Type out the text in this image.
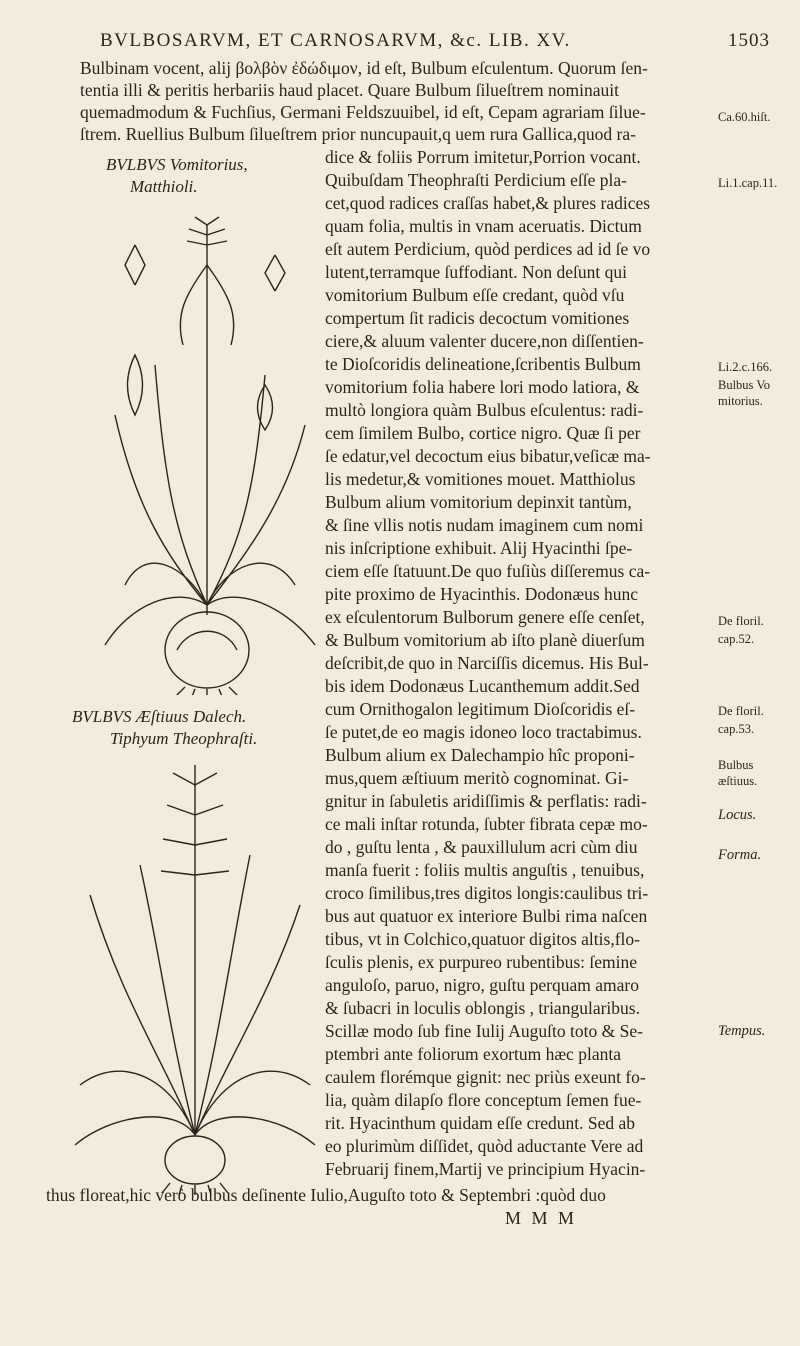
BVLBOSARVM, ET CARNOSARVM, &c. LIB. XV.	1503
Bulbinam vocent, alij βολβὸν ἐδώδιμον, id eſt, Bulbum eſculentum. Quorum ſen-
tentia illi & peritis herbariis haud placet. Quare Bulbum ſilueſtrem nominauit
quemadmodum & Fuchſius, Germani Feldszuuibel, id eſt, Cepam agrariam ſilue-
ſtrem. Ruellius Bulbum ſilueſtrem prior nuncupauit,q uem rura Gallica,quod ra-
BVLBVS Vomitorius,
Matthioli.
BVLBVS Æſtiuus Dalech.
Tiphyum Theophraſti.
dice & foliis Porrum imitetur,Porrion vocant.
Quibuſdam Theophraſti Perdicium eſſe pla-
cet,quod radices craſſas habet,& plures radices
quam folia, multis in vnam aceruatis. Dictum
eſt autem Perdicium, quòd perdices ad id ſe vo
lutent,terramque ſuffodiant. Non deſunt qui
vomitorium Bulbum eſſe credant, quòd vſu
compertum ſit radicis decoctum vomitiones
ciere,& aluum valenter ducere,non diſſentien-
te Dioſcoridis delineatione,ſcribentis Bulbum
vomitorium folia habere lori modo latiora, &
multò longiora quàm Bulbus eſculentus: radi-
cem ſimilem Bulbo, cortice nigro. Quæ ſi per
ſe edatur,vel decoctum eius bibatur,veſicæ ma-
lis medetur,& vomitiones mouet. Matthiolus
Bulbum alium vomitorium depinxit tantùm,
& ſine vllis notis nudam imaginem cum nomi
nis inſcriptione exhibuit. Alij Hyacinthi ſpe-
ciem eſſe ſtatuunt.De quo fuſiùs diſſeremus ca-
pite proximo de Hyacinthis. Dodonæus hunc
ex eſculentorum Bulborum genere eſſe cenſet,
& Bulbum vomitorium ab iſto planè diuerſum
deſcribit,de quo in Narciſſis dicemus. His Bul-
bis idem Dodonæus Lucanthemum addit.Sed
cum Ornithogalon legitimum Dioſcoridis eſ-
ſe putet,de eo magis idoneo loco tractabimus.
Bulbum alium ex Dalechampio hîc proponi-
mus,quem æſtiuum meritò cognominat. Gi-
gnitur in ſabuletis aridiſſimis & perflatis: radi-
ce mali inſtar rotunda, ſubter fibrata cepæ mo-
do , guſtu lenta , & pauxillulum acri cùm diu
manſa fuerit : foliis multis anguſtis , tenuibus,
croco ſimilibus,tres digitos longis:caulibus tri-
bus aut quatuor ex interiore Bulbi rima naſcen
tibus, vt in Colchico,quatuor digitos altis,flo-
ſculis plenis, ex purpureo rubentibus: ſemine
anguloſo, paruo, nigro, guſtu perquam amaro
& ſubacri in loculis oblongis , triangularibus.
Scillæ modo ſub fine Iulij Auguſto toto & Se-
ptembri ante foliorum exortum hæc planta
caulem florémque gignit: nec priùs exeunt fo-
lia, quàm dilapſo flore conceptum ſemen fue-
rit. Hyacinthum quidam eſſe credunt. Sed ab
eo plurimùm diſſidet, quòd aducτante Vere ad
Februarij finem,Martij ve principium Hyacin-
thus floreat,hic verò bulbus deſinente Iulio,Auguſto toto & Septembri :quòd duo
M M M
Ca.60.hiſt.
Li.1.cap.11.
Li.2.c.166.
Bulbus Vo
mitorius.
De floril.
cap.52.
De floril.
cap.53.
Bulbus
æſtiuus.
Locus.
Forma.
Tempus.
